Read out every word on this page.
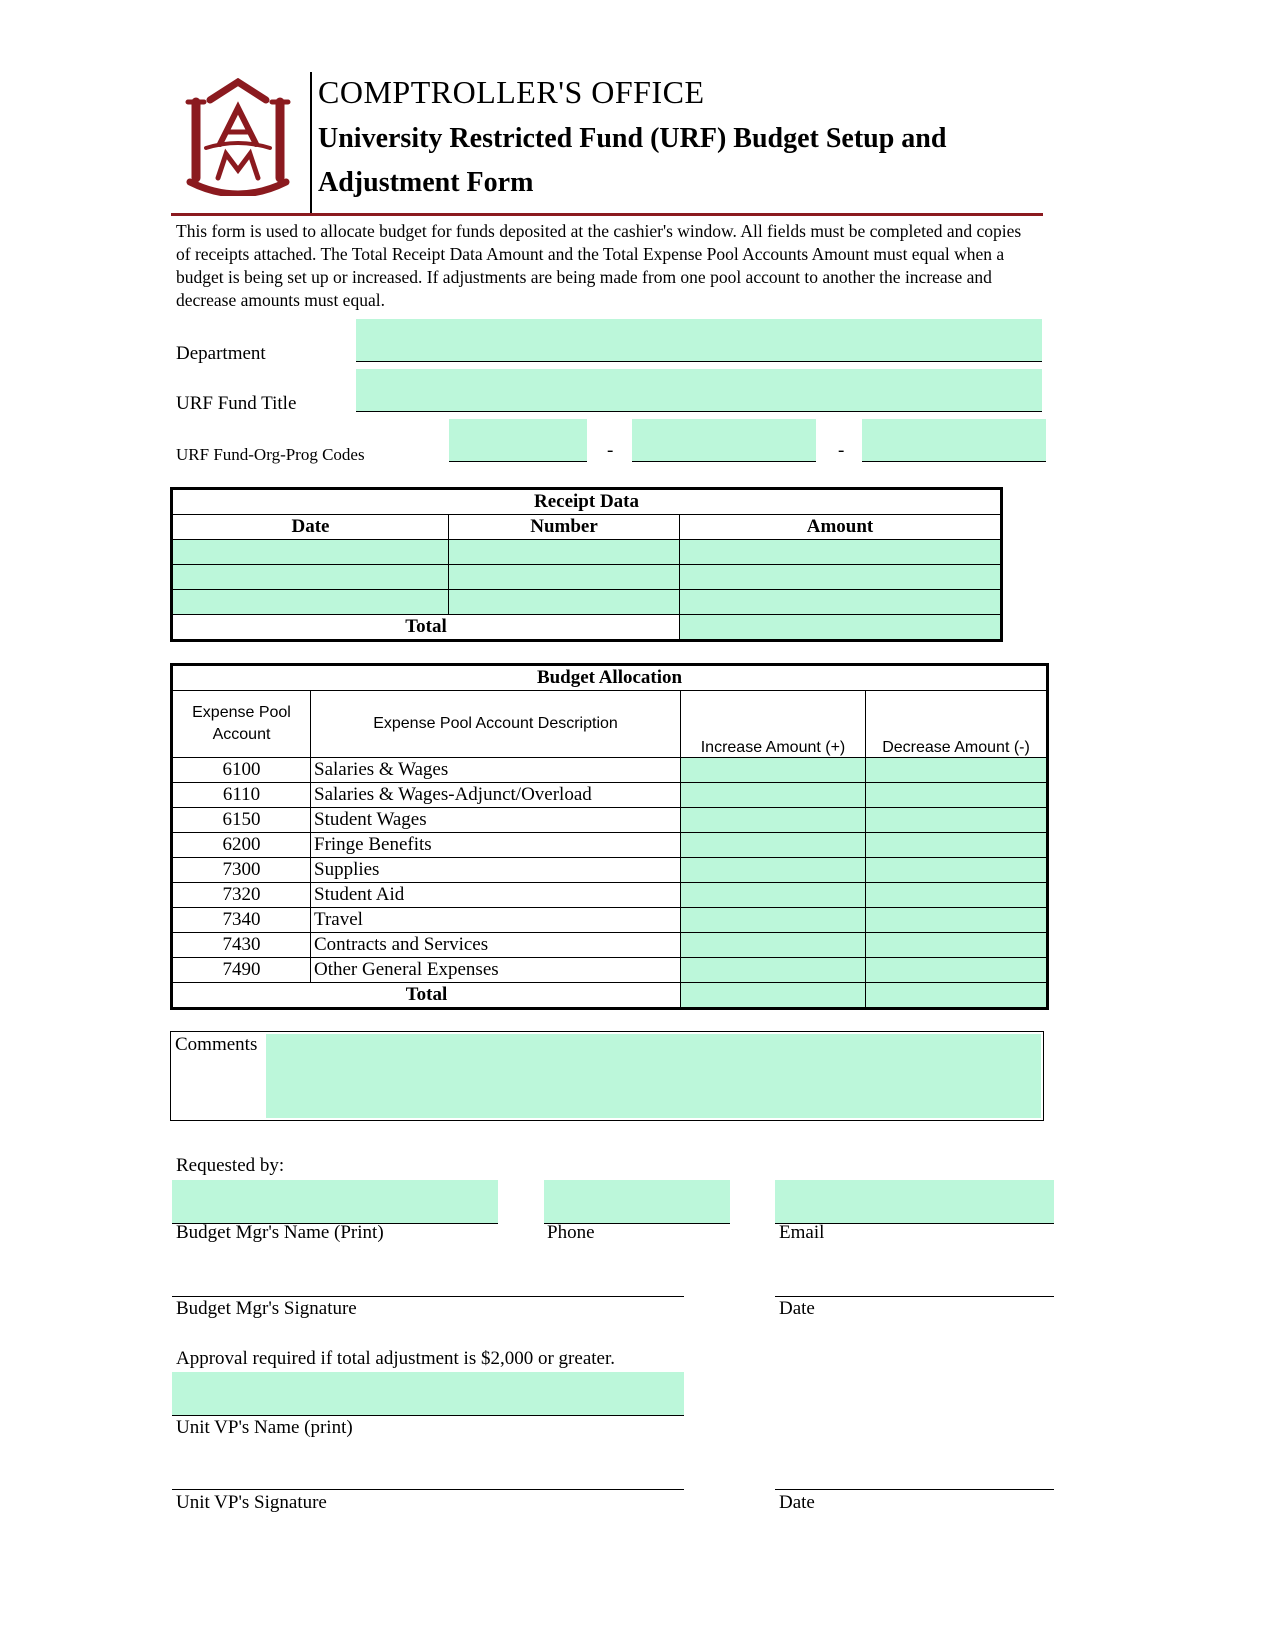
COMPTROLLER'S OFFICE
University Restricted Fund (URF) Budget Setup and
Adjustment Form
This form is used to allocate budget for funds deposited at the cashier's window. All fields must be completed and copies
of receipts attached. The Total Receipt Data Amount and the Total Expense Pool Accounts Amount must equal when a
budget is being set up or increased. If adjustments are being made from one pool account to another the increase and
decrease amounts must equal.
Department
URF Fund Title
URF Fund-Org-Prog Codes	-	-
Receipt Data		
Date	Number	Amount

Total		
Budget Allocation			

Expense Pool
Account	Expense Pool Account Description	Increase Amount (+)	Decrease Amount (-)
6100	Salaries & Wages		
6110	Salaries & Wages-Adjunct/Overload		
6150	Student Wages		
6200	Fringe Benefits		
7300	Supplies		
7320	Student Aid		
7340	Travel		
7430	Contracts and Services		
7490	Other General Expenses		
Total			
Comments
Requested by:
Budget Mgr's Name (Print)	Phone	Email
Budget Mgr's Signature	Date
Approval required if total adjustment is $2,000 or greater.
Unit VP's Name (print)
Unit VP's Signature	Date
